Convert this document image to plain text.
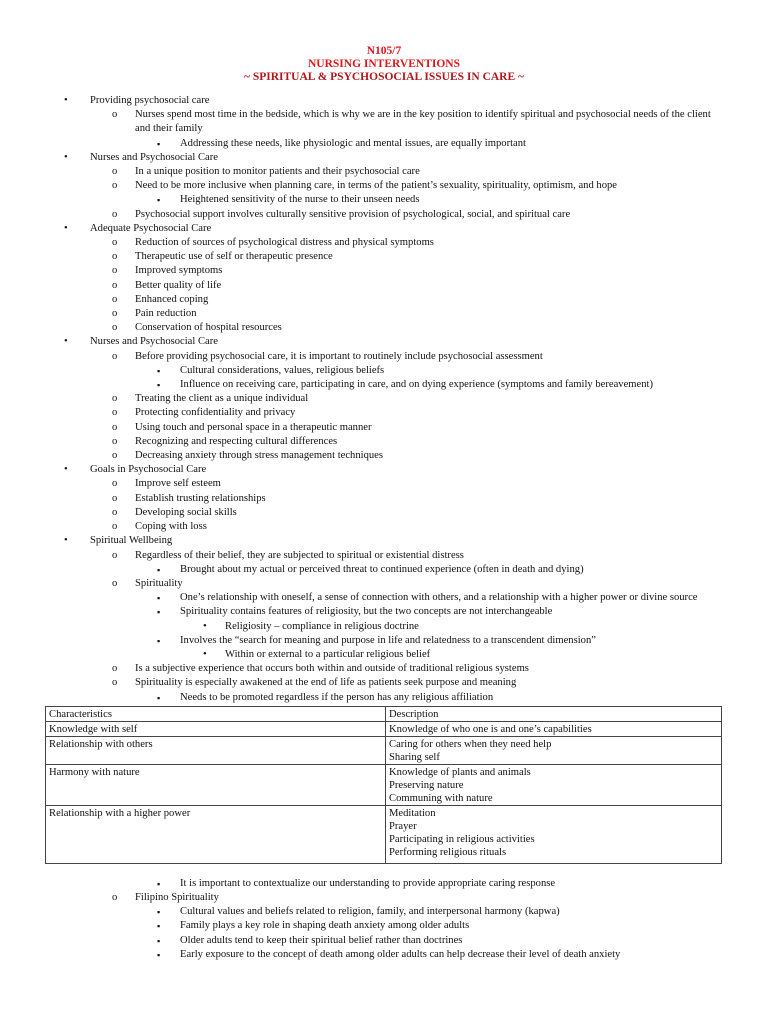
N105/7
NURSING INTERVENTIONS
~ SPIRITUAL & PSYCHOSOCIAL ISSUES IN CARE ~
• Providing psychosocial care
o Nurses spend most time in the bedside, which is why we are in the key position to identify spiritual and psychosocial needs of the client and their family
▪ Addressing these needs, like physiologic and mental issues, are equally important
• Nurses and Psychosocial Care
o In a unique position to monitor patients and their psychosocial care
o Need to be more inclusive when planning care, in terms of the patient’s sexuality, spirituality, optimism, and hope
▪ Heightened sensitivity of the nurse to their unseen needs
o Psychosocial support involves culturally sensitive provision of psychological, social, and spiritual care
• Adequate Psychosocial Care
o Reduction of sources of psychological distress and physical symptoms
o Therapeutic use of self or therapeutic presence
o Improved symptoms
o Better quality of life
o Enhanced coping
o Pain reduction
o Conservation of hospital resources
• Nurses and Psychosocial Care
o Before providing psychosocial care, it is important to routinely include psychosocial assessment
▪ Cultural considerations, values, religious beliefs
▪ Influence on receiving care, participating in care, and on dying experience (symptoms and family bereavement)
o Treating the client as a unique individual
o Protecting confidentiality and privacy
o Using touch and personal space in a therapeutic manner
o Recognizing and respecting cultural differences
o Decreasing anxiety through stress management techniques
• Goals in Psychosocial Care
o Improve self esteem
o Establish trusting relationships
o Developing social skills
o Coping with loss
• Spiritual Wellbeing
o Regardless of their belief, they are subjected to spiritual or existential distress
▪ Brought about my actual or perceived threat to continued experience (often in death and dying)
o Spirituality
▪ One’s relationship with oneself, a sense of connection with others, and a relationship with a higher power or divine source
▪ Spirituality contains features of religiosity, but the two concepts are not interchangeable
• Religiosity – compliance in religious doctrine
▪ Involves the “search for meaning and purpose in life and relatedness to a transcendent dimension”
• Within or external to a particular religious belief
o Is a subjective experience that occurs both within and outside of traditional religious systems
o Spirituality is especially awakened at the end of life as patients seek purpose and meaning
▪ Needs to be promoted regardless if the person has any religious affiliation
Characteristics	Description
Knowledge with self	Knowledge of who one is and one’s capabilities

Relationship with others	Caring for others when they need help
Sharing self

Harmony with nature	Knowledge of plants and animals
Preserving nature
Communing with nature

Relationship with a higher power	Meditation
Prayer
Participating in religious activities
Performing religious rituals
▪ It is important to contextualize our understanding to provide appropriate caring response
o Filipino Spirituality
▪ Cultural values and beliefs related to religion, family, and interpersonal harmony (kapwa)
▪ Family plays a key role in shaping death anxiety among older adults
▪ Older adults tend to keep their spiritual belief rather than doctrines
▪ Early exposure to the concept of death among older adults can help decrease their level of death anxiety
